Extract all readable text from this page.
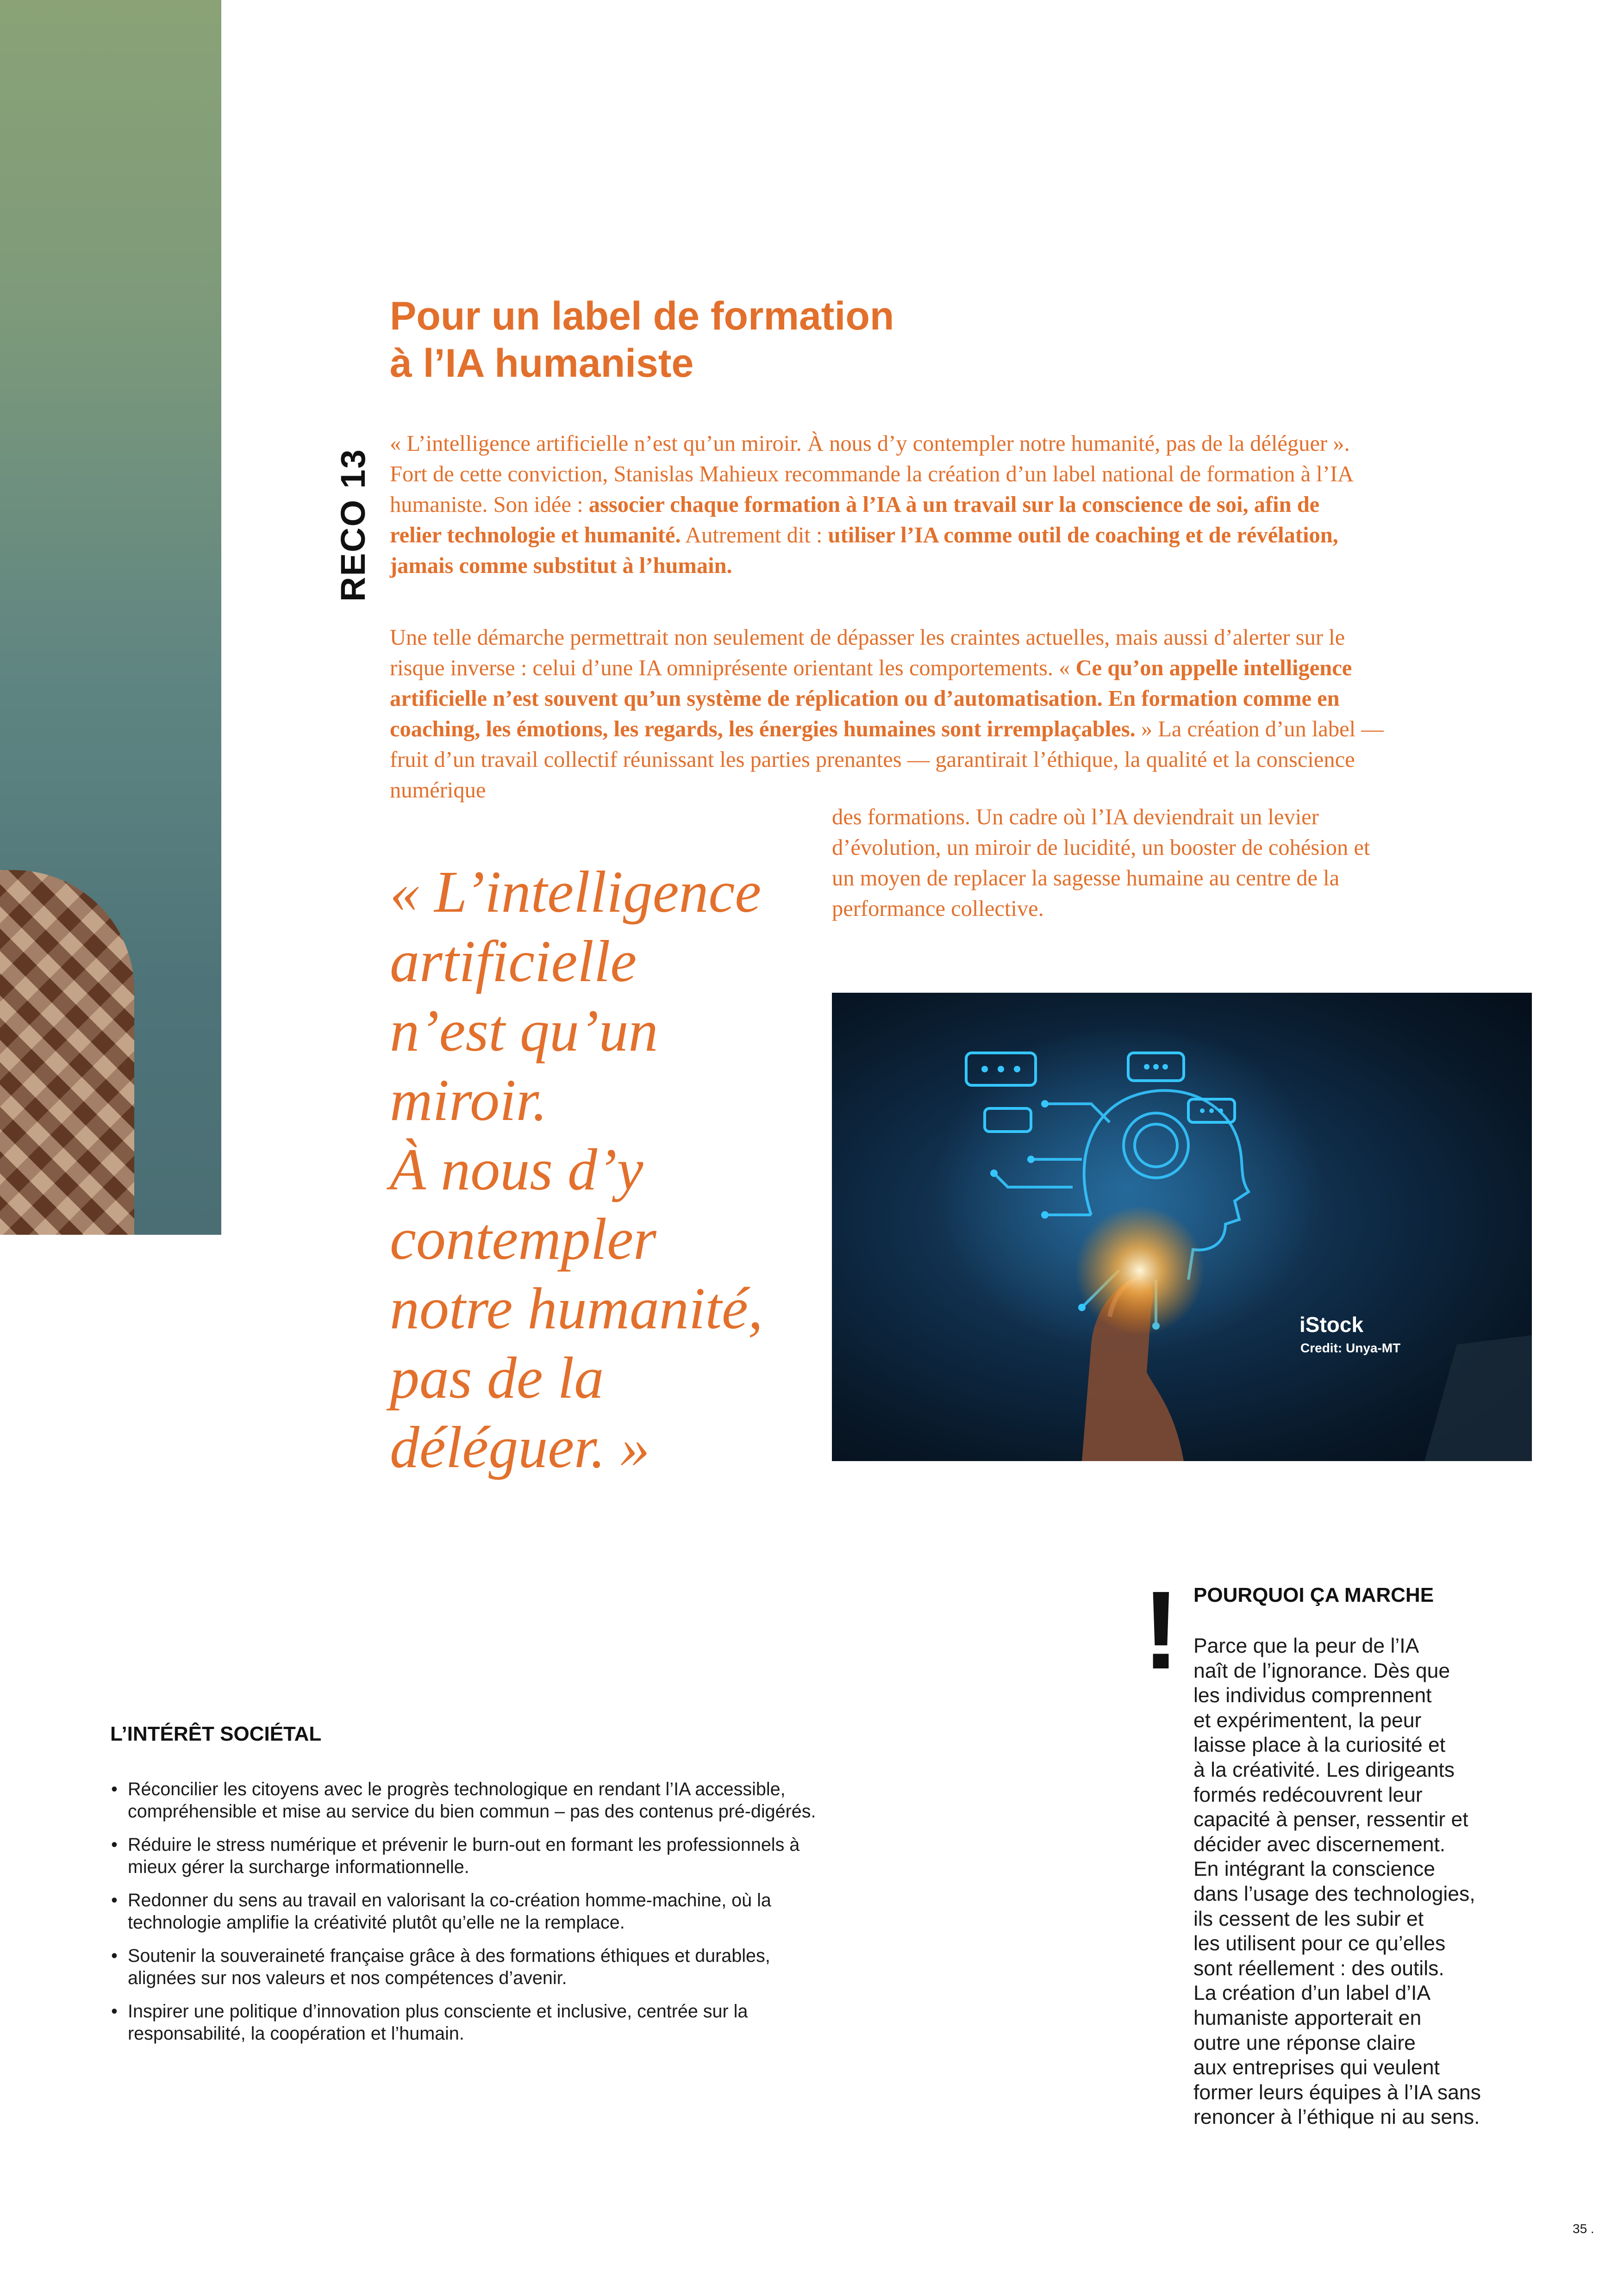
Pour un label de formation
à l’IA humaniste
RECO 13

« L’intelligence artificielle n’est qu’un miroir. À nous d’y contempler notre humanité, pas de la déléguer ». Fort de cette conviction, Stanislas Mahieux recommande la création d’un label national de formation à l’IA humaniste. Son idée : associer chaque formation à l’IA à un travail sur la conscience de soi, afin de relier technologie et humanité. Autrement dit : utiliser l’IA comme outil de coaching et de révélation, jamais comme substitut à l’humain.

Une telle démarche permettrait non seulement de dépasser les craintes actuelles, mais aussi d’alerter sur le risque inverse : celui d’une IA omniprésente orientant les comportements. « Ce qu’on appelle intelligence artificielle n’est souvent qu’un système de réplication ou d’automatisation. En formation comme en coaching, les émotions, les regards, les énergies humaines sont irremplaçables. » La création d’un label — fruit d’un travail collectif réunissant les parties prenantes — garantirait l’éthique, la qualité et la conscience numérique

des formations. Un cadre où l’IA deviendrait un levier d’évolution, un miroir de lucidité, un booster de cohésion et un moyen de replacer la sagesse humaine au centre de la performance collective.

« L’intelligence
artificielle
n’est qu’un
miroir.
À nous d’y
contempler
notre humanité,
pas de la
déléguer. »

iStock
Credit: Unya-MT
! POURQUOI ÇA MARCHE

Parce que la peur de l’IA
naît de l’ignorance. Dès que
les individus comprennent
et expérimentent, la peur
laisse place à la curiosité et
à la créativité. Les dirigeants
formés redécouvrent leur
capacité à penser, ressentir et
décider avec discernement.
En intégrant la conscience
dans l’usage des technologies,
ils cessent de les subir et
les utilisent pour ce qu’elles
sont réellement : des outils.
La création d’un label d’IA
humaniste apporterait en
outre une réponse claire
aux entreprises qui veulent
former leurs équipes à l’IA sans
renoncer à l’éthique ni au sens.

L’INTÉRÊT SOCIÉTAL
• Réconcilier les citoyens avec le progrès technologique en rendant l’IA accessible, compréhensible et mise au service du bien commun – pas des contenus pré-digérés.
• Réduire le stress numérique et prévenir le burn-out en formant les professionnels à mieux gérer la surcharge informationnelle.
• Redonner du sens au travail en valorisant la co-création homme-machine, où la technologie amplifie la créativité plutôt qu’elle ne la remplace.
• Soutenir la souveraineté française grâce à des formations éthiques et durables, alignées sur nos valeurs et nos compétences d’avenir.
• Inspirer une politique d’innovation plus consciente et inclusive, centrée sur la responsabilité, la coopération et l’humain.
35 .
